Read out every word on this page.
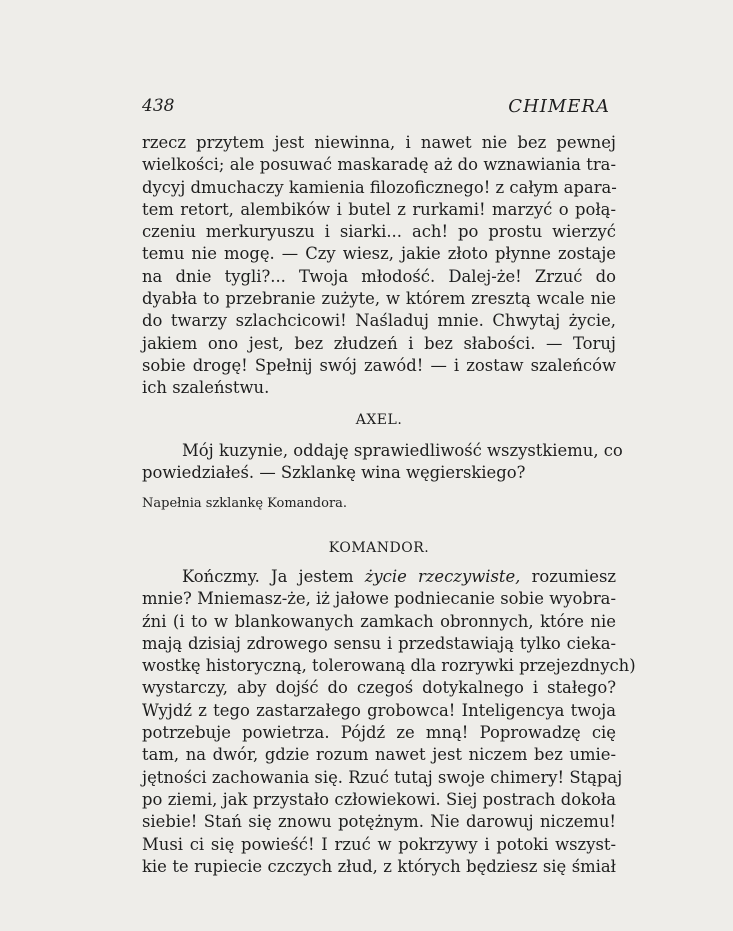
438	CHIMERA
rzecz przytem jest niewinna, i nawet nie bez pewnej
wielkości; ale posuwać maskaradę aż do wznawiania tra-
dycyj dmuchaczy kamienia filozoficznego! z całym apara-
tem retort, alembików i butel z rurkami! marzyć o połą-
czeniu merkuryuszu i siarki... ach! po prostu wierzyć
temu nie mogę. — Czy wiesz, jakie złoto płynne zostaje
na dnie tygli?... Twoja młodość. Dalej-że! Zrzuć do
dyabła to przebranie zużyte, w którem zresztą wcale nie
do twarzy szlachcicowi! Naśladuj mnie. Chwytaj życie,
jakiem ono jest, bez złudzeń i bez słabości. — Toruj
sobie drogę! Spełnij swój zawód! — i zostaw szaleńców
ich szaleństwu.
AXEL.
Mój kuzynie, oddaję sprawiedliwość wszystkiemu, co
powiedziałeś. — Szklankę wina węgierskiego?
Napełnia szklankę Komandora.
KOMANDOR.
Kończmy. Ja jestem życie rzeczywiste, rozumiesz
mnie? Mniemasz-że, iż jałowe podniecanie sobie wyobra-
źni (i to w blankowanych zamkach obronnych, które nie
mają dzisiaj zdrowego sensu i przedstawiają tylko cieka-
wostkę historyczną, tolerowaną dla rozrywki przejezdnych)
wystarczy, aby dojść do czegoś dotykalnego i stałego?
Wyjdź z tego zastarzałego grobowca! Inteligencya twoja
potrzebuje powietrza. Pójdź ze mną! Poprowadzę cię
tam, na dwór, gdzie rozum nawet jest niczem bez umie-
jętności zachowania się. Rzuć tutaj swoje chimery! Stąpaj
po ziemi, jak przystało człowiekowi. Siej postrach dokoła
siebie! Stań się znowu potężnym. Nie darowuj niczemu!
Musi ci się powieść! I rzuć w pokrzywy i potoki wszyst-
kie te rupiecie czczych złud, z których będziesz się śmiał
